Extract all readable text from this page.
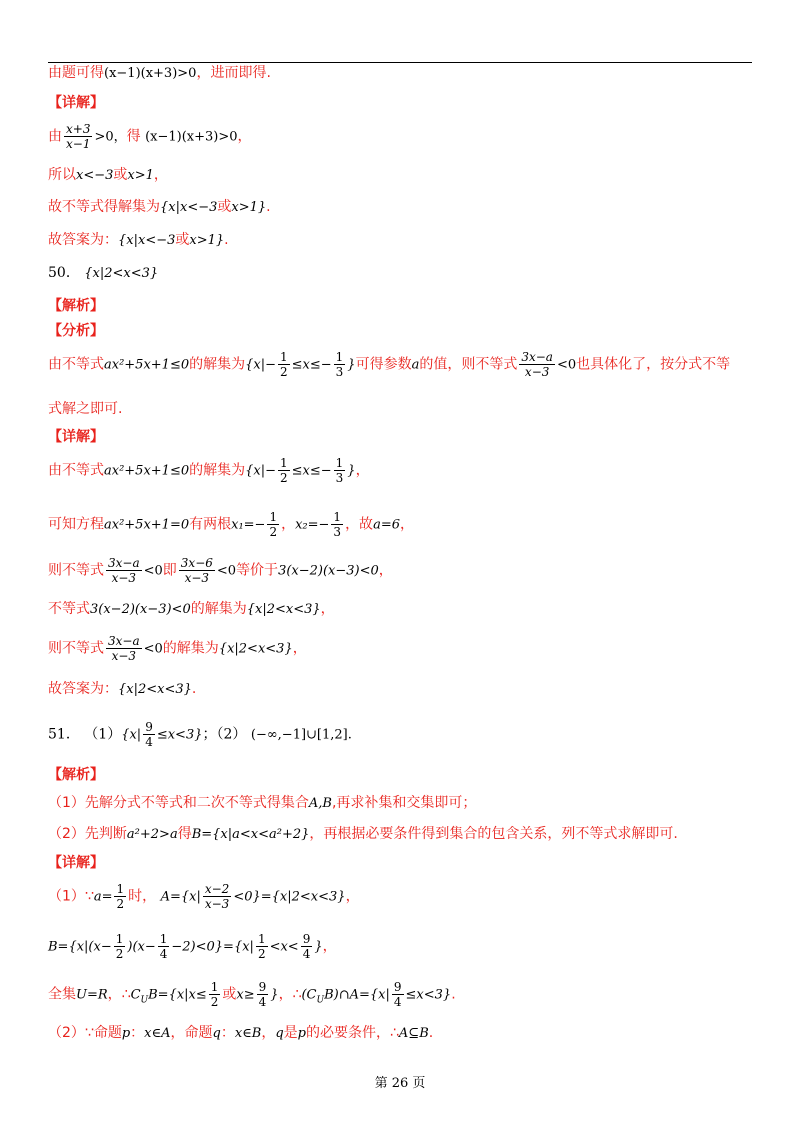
由题可得(x−1)(x+3)>0，进而即得.
【详解】
由 $\frac{x+3}{x-1} >0$，得 (x−1)(x+3)>0，
所以x<−3或x>1，
故不等式得解集为{x|x<−3或x>1}.
故答案为：{x|x<−3或x>1}.
50． {x|2<x<3}
【解析】
【分析】
由不等式ax²+5x+1≤0的解集为{$x|- \frac{1}{2} \le x\le- \frac{1}{3}$ }可得参数a的值，则不等式 $\frac{3x-a}{x-3} <0$也具体化了，按分式不等
式解之即可.
【详解】
由不等式ax²+5x+1≤0的解集为{$x|- \frac{1}{2} \le x\le- \frac{1}{3}$ }，
可知方程ax²+5x+1=0有两根$x_1=- \frac{1}{2}$ ，$x_2=- \frac{1}{3}$ ，故a=6，
则不等式 $\frac{3x-a}{x-3} <0$即 $\frac{3x-6}{x-3} <0$等价于3(x−2)(x−3)<0，
不等式3(x−2)(x−3)<0的解集为{x|2<x<3}，
则不等式 $\frac{3x-a}{x-3} <0$的解集为{x|2<x<3}，
故答案为：{x|2<x<3}.
51． $(1)\{x| \frac{9}{4} \le x<3\}$；（2） (−∞,−1]∪[1,2].
【解析】
（1）先解分式不等式和二次不等式得集合A,B,再求补集和交集即可；
（2）先判断a²+2>a得B={x|a<x<a²+2}，再根据必要条件得到集合的包含关系，列不等式求解即可.
【详解】
（1）∵a= $\frac{1}{2}$ 时， $A=\{x| \frac{x-2}{x-3} <0\}=\{x|2<x<3\}$，
$B=\{x|(x- \frac{1}{2} )(x- \frac{1}{4} -2)<0\}=\{x| \frac{1}{2} <x< \frac{9}{4}$ }，
全集U=R，$\therefore C_UB=\{x|x\le \frac{1}{2}$ 或$x\ge \frac{9}{4}$ }，$\therefore(C_UB)\cap A=\{x| \frac{9}{4} \le x<3\}$.
（2）∵命题p：x∈A，命题q：x∈B，q是p的必要条件，∴A⊆B.
第 26 页
